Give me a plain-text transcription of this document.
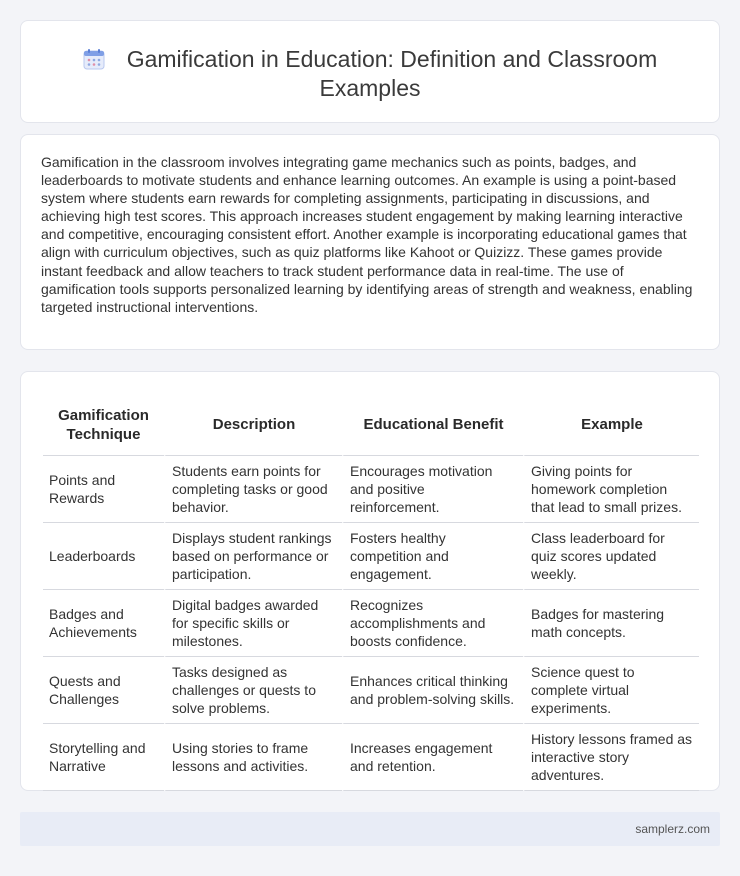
Gamification in Education: Definition and Classroom Examples

Gamification in the classroom involves integrating game mechanics such as points, badges, and leaderboards to motivate students and enhance learning outcomes. An example is using a point-based system where students earn rewards for completing assignments, participating in discussions, and achieving high test scores. This approach increases student engagement by making learning interactive and competitive, encouraging consistent effort. Another example is incorporating educational games that align with curriculum objectives, such as quiz platforms like Kahoot or Quizizz. These games provide instant feedback and allow teachers to track student performance data in real-time. The use of gamification tools supports personalized learning by identifying areas of strength and weakness, enabling targeted instructional interventions.

Gamification Technique	Description	Educational Benefit	Example
Points and Rewards	Students earn points for completing tasks or good behavior.	Encourages motivation and positive reinforcement.	Giving points for homework completion that lead to small prizes.
Leaderboards	Displays student rankings based on performance or participation.	Fosters healthy competition and engagement.	Class leaderboard for quiz scores updated weekly.
Badges and Achievements	Digital badges awarded for specific skills or milestones.	Recognizes accomplishments and boosts confidence.	Badges for mastering math concepts.
Quests and Challenges	Tasks designed as challenges or quests to solve problems.	Enhances critical thinking and problem-solving skills.	Science quest to complete virtual experiments.
Storytelling and Narrative	Using stories to frame lessons and activities.	Increases engagement and retention.	History lessons framed as interactive story adventures.
samplerz.com
